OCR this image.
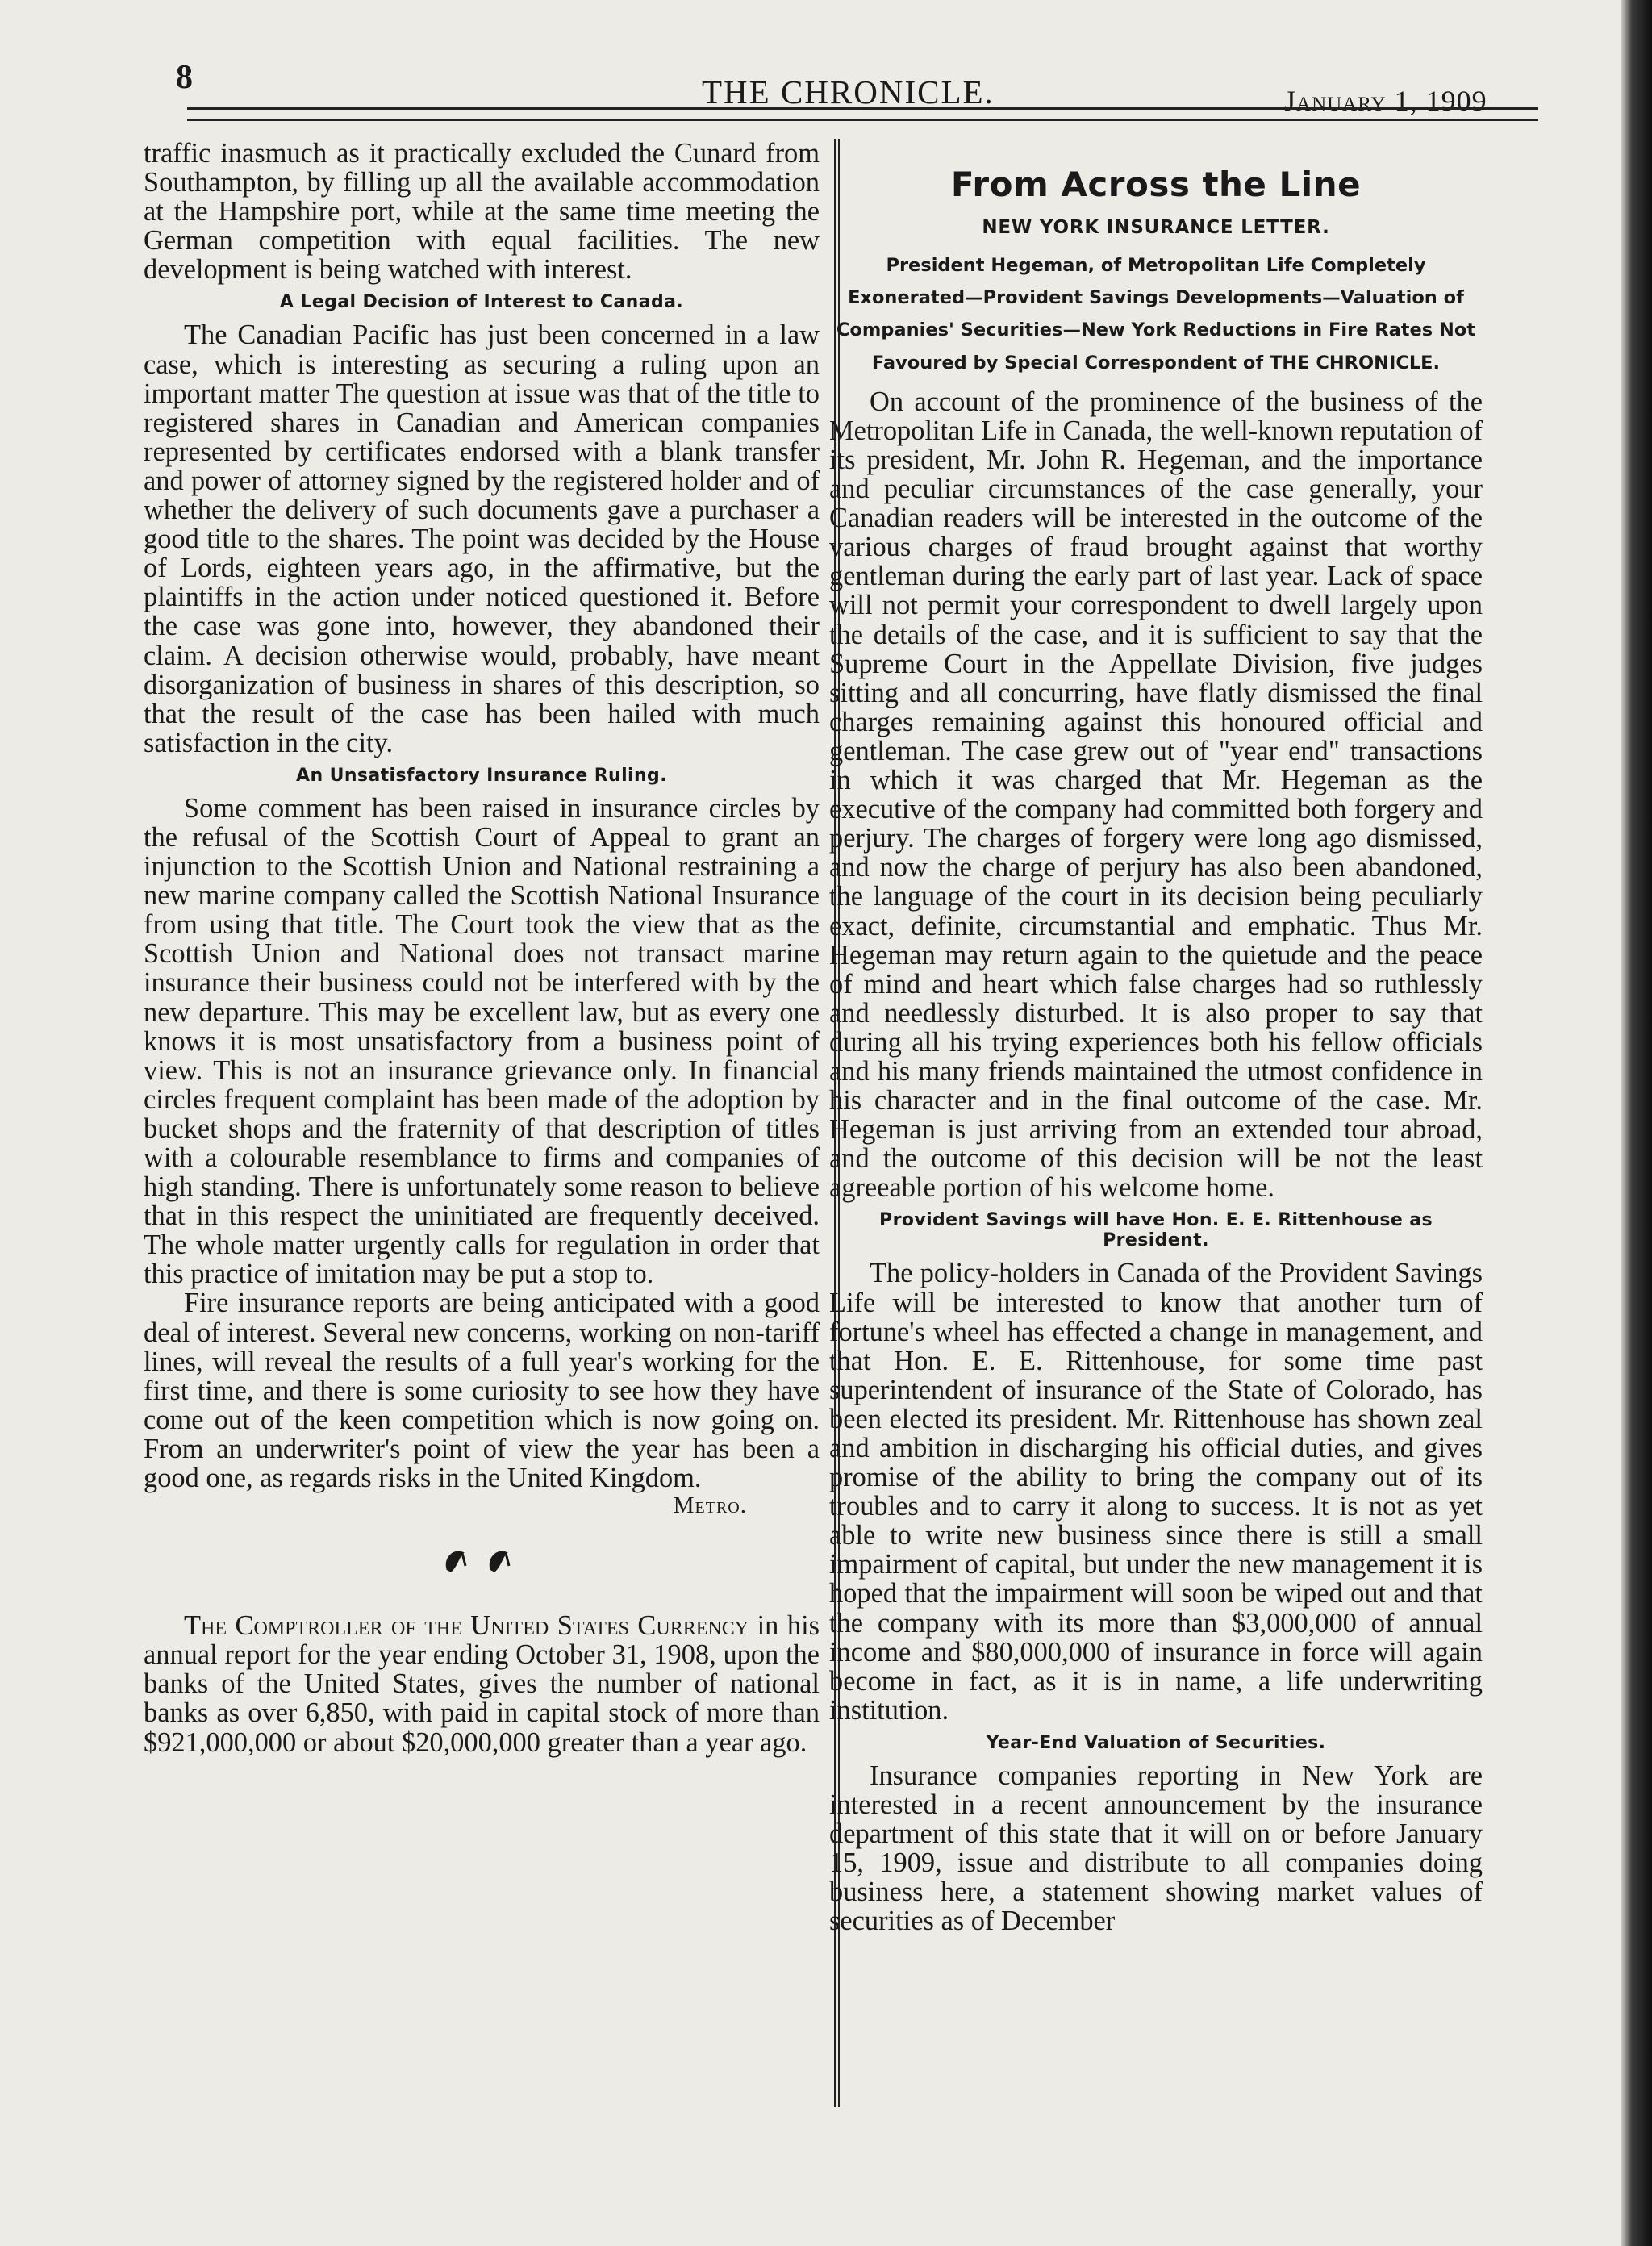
8	THE CHRONICLE.	January 1, 1909

traffic inasmuch as it practically excluded the Cunard from Southampton, by filling up all the available accommodation at the Hampshire port, while at the same time meeting the German competition with equal facilities. The new development is being watched with interest.

A Legal Decision of Interest to Canada.

The Canadian Pacific has just been concerned in a law case, which is interesting as securing a ruling upon an important matter The question at issue was that of the title to registered shares in Canadian and American companies represented by certificates endorsed with a blank transfer and power of attorney signed by the registered holder and of whether the delivery of such documents gave a purchaser a good title to the shares. The point was decided by the House of Lords, eighteen years ago, in the affirmative, but the plaintiffs in the action under noticed questioned it. Before the case was gone into, however, they abandoned their claim. A decision otherwise would, probably, have meant disorganization of business in shares of this description, so that the result of the case has been hailed with much satisfaction in the city.

An Unsatisfactory Insurance Ruling.

Some comment has been raised in insurance circles by the refusal of the Scottish Court of Appeal to grant an injunction to the Scottish Union and National restraining a new marine company called the Scottish National Insurance from using that title. The Court took the view that as the Scottish Union and National does not transact marine insurance their business could not be interfered with by the new departure. This may be excellent law, but as every one knows it is most unsatisfactory from a business point of view. This is not an insurance grievance only. In financial circles frequent complaint has been made of the adoption by bucket shops and the fraternity of that description of titles with a colourable resemblance to firms and companies of high standing. There is unfortunately some reason to believe that in this respect the uninitiated are frequently deceived. The whole matter urgently calls for regulation in order that this practice of imitation may be put a stop to.

Fire insurance reports are being anticipated with a good deal of interest. Several new concerns, working on non-tariff lines, will reveal the results of a full year's working for the first time, and there is some curiosity to see how they have come out of the keen competition which is now going on. From an underwriter's point of view the year has been a good one, as regards risks in the United Kingdom.

Metro.

The Comptroller of the United States Currency in his annual report for the year ending October 31, 1908, upon the banks of the United States, gives the number of national banks as over 6,850, with paid in capital stock of more than $921,000,000 or about $20,000,000 greater than a year ago.

From Across the Line
NEW YORK INSURANCE LETTER.
President Hegeman, of Metropolitan Life Completely Exonerated—Provident Savings Developments—Valuation of Companies' Securities—New York Reductions in Fire Rates Not Favoured by Special Correspondent of THE CHRONICLE.

On account of the prominence of the business of the Metropolitan Life in Canada, the well-known reputation of its president, Mr. John R. Hegeman, and the importance and peculiar circumstances of the case generally, your Canadian readers will be interested in the outcome of the various charges of fraud brought against that worthy gentleman during the early part of last year. Lack of space will not permit your correspondent to dwell largely upon the details of the case, and it is sufficient to say that the Supreme Court in the Appellate Division, five judges sitting and all concurring, have flatly dismissed the final charges remaining against this honoured official and gentleman. The case grew out of "year end" transactions in which it was charged that Mr. Hegeman as the executive of the company had committed both forgery and perjury. The charges of forgery were long ago dismissed, and now the charge of perjury has also been abandoned, the language of the court in its decision being peculiarly exact, definite, circumstantial and emphatic. Thus Mr. Hegeman may return again to the quietude and the peace of mind and heart which false charges had so ruthlessly and needlessly disturbed. It is also proper to say that during all his trying experiences both his fellow officials and his many friends maintained the utmost confidence in his character and in the final outcome of the case. Mr. Hegeman is just arriving from an extended tour abroad, and the outcome of this decision will be not the least agreeable portion of his welcome home.

Provident Savings will have Hon. E. E. Rittenhouse as President.

The policy-holders in Canada of the Provident Savings Life will be interested to know that another turn of fortune's wheel has effected a change in management, and that Hon. E. E. Rittenhouse, for some time past superintendent of insurance of the State of Colorado, has been elected its president. Mr. Rittenhouse has shown zeal and ambition in discharging his official duties, and gives promise of the ability to bring the company out of its troubles and to carry it along to success. It is not as yet able to write new business since there is still a small impairment of capital, but under the new management it is hoped that the impairment will soon be wiped out and that the company with its more than $3,000,000 of annual income and $80,000,000 of insurance in force will again become in fact, as it is in name, a life underwriting institution.

Year-End Valuation of Securities.

Insurance companies reporting in New York are interested in a recent announcement by the insurance department of this state that it will on or before January 15, 1909, issue and distribute to all companies doing business here, a statement showing market values of securities as of December
